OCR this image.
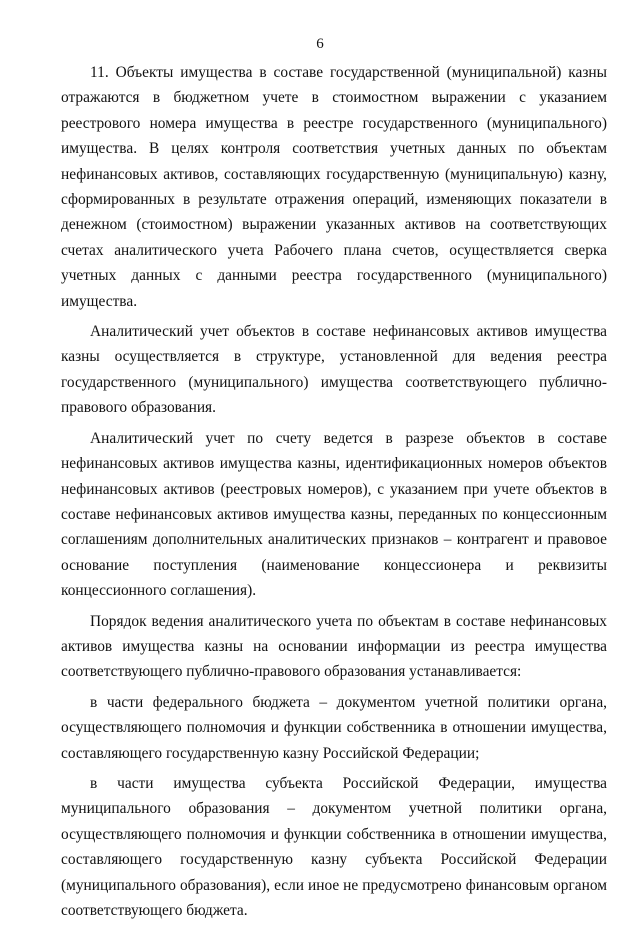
6

11. Объекты имущества в составе государственной (муниципальной) казны отражаются в бюджетном учете в стоимостном выражении с указанием реестрового номера имущества в реестре государственного (муниципального) имущества. В целях контроля соответствия учетных данных по объектам нефинансовых активов, составляющих государственную (муниципальную) казну, сформированных в результате отражения операций, изменяющих показатели в денежном (стоимостном) выражении указанных активов на соответствующих счетах аналитического учета Рабочего плана счетов, осуществляется сверка учетных данных с данными реестра государственного (муниципального) имущества.

Аналитический учет объектов в составе нефинансовых активов имущества казны осуществляется в структуре, установленной для ведения реестра государственного (муниципального) имущества соответствующего публично-правового образования.

Аналитический учет по счету ведется в разрезе объектов в составе нефинансовых активов имущества казны, идентификационных номеров объектов нефинансовых активов (реестровых номеров), с указанием при учете объектов в составе нефинансовых активов имущества казны, переданных по концессионным соглашениям дополнительных аналитических признаков – контрагент и правовое основание поступления (наименование концессионера и реквизиты концессионного соглашения).

Порядок ведения аналитического учета по объектам в составе нефинансовых активов имущества казны на основании информации из реестра имущества соответствующего публично-правового образования устанавливается:

в части федерального бюджета – документом учетной политики органа, осуществляющего полномочия и функции собственника в отношении имущества, составляющего государственную казну Российской Федерации;

в части имущества субъекта Российской Федерации, имущества муниципального образования – документом учетной политики органа, осуществляющего полномочия и функции собственника в отношении имущества, составляющего государственную казну субъекта Российской Федерации (муниципального образования), если иное не предусмотрено финансовым органом соответствующего бюджета.
